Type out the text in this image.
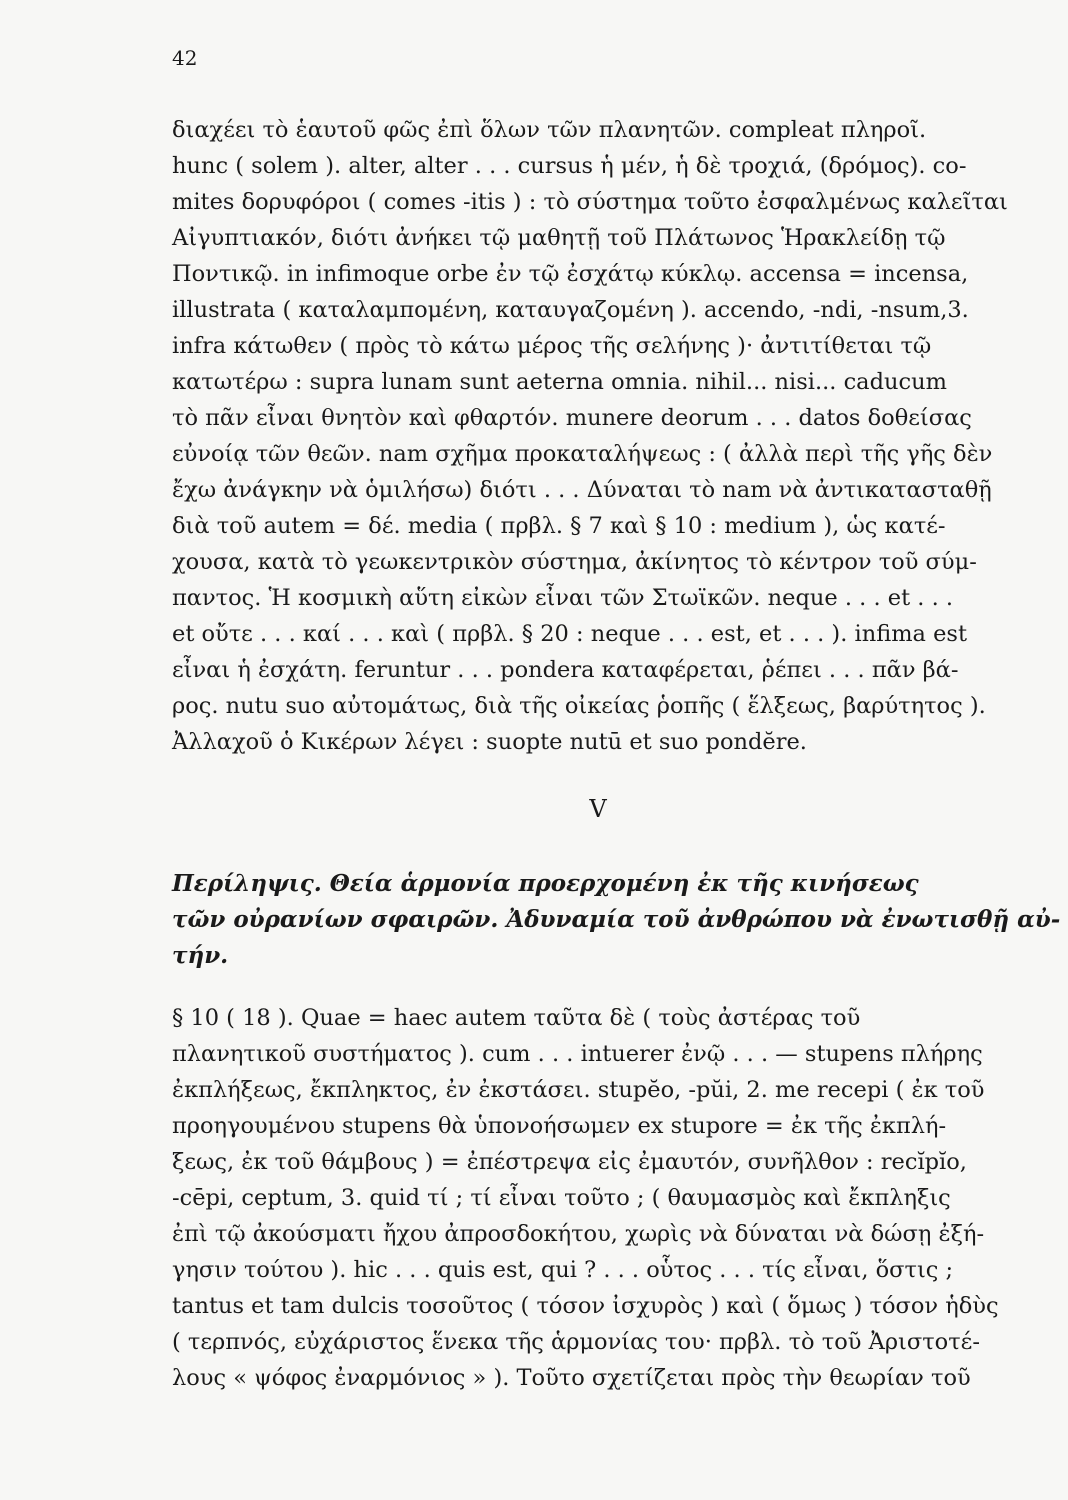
42
διαχέει τὸ ἑαυτοῦ φῶς ἐπὶ ὅλων τῶν πλανητῶν. compleat πληροῖ.
hunc ( solem ). alter, alter . . . cursus ἡ μέν, ἡ δὲ τροχιά, (δρόμος). co-
mites δορυφόροι ( comes -itis ) : τὸ σύστημα τοῦτο ἐσφαλμένως καλεῖται
Αἰγυπτιακόν, διότι ἀνήκει τῷ μαθητῇ τοῦ Πλάτωνος Ἡρακλείδῃ τῷ
Ποντικῷ. in infimoque orbe ἐν τῷ ἐσχάτῳ κύκλῳ. accensa = incensa,
illustrata ( καταλαμπομένη, καταυγαζομένη ). accendo, -ndi, -nsum,3.
infra κάτωθεν ( πρὸς τὸ κάτω μέρος τῆς σελήνης )· ἀντιτίθεται τῷ
κατωτέρω : supra lunam sunt aeterna omnia. nihil... nisi... caducum
τὸ πᾶν εἶναι θνητὸν καὶ φθαρτόν. munere deorum . . . datos δοθείσας
εὐνοίᾳ τῶν θεῶν. nam σχῆμα προκαταλήψεως : ( ἀλλὰ περὶ τῆς γῆς δὲν
ἔχω ἀνάγκην νὰ ὁμιλήσω) διότι . . . Δύναται τὸ nam νὰ ἀντικατασταθῇ
διὰ τοῦ autem = δέ. media ( πρβλ. § 7 καὶ § 10 : medium ), ὡς κατέ-
χουσα, κατὰ τὸ γεωκεντρικὸν σύστημα, ἀκίνητος τὸ κέντρον τοῦ σύμ-
παντος. Ἡ κοσμικὴ αὕτη εἰκὼν εἶναι τῶν Στωϊκῶν. neque . . . et . . .
et οὔτε . . . καί . . . καὶ ( πρβλ. § 20 : neque . . . est, et . . . ). infima est
εἶναι ἡ ἐσχάτη. feruntur . . . pondera καταφέρεται, ῥέπει . . . πᾶν βά-
ρος. nutu suo αὐτομάτως, διὰ τῆς οἰκείας ῥοπῆς ( ἕλξεως, βαρύτητος ).
Ἀλλαχοῦ ὁ Κικέρων λέγει : suopte nutū et suo pondĕre.
V
Περίληψις. Θεία ἁρμονία προερχομένη ἐκ τῆς κινήσεως
τῶν οὐρανίων σφαιρῶν. Ἀδυναμία τοῦ ἀνθρώπου νὰ ἐνωτισθῇ αὐ-
τήν.
§ 10 ( 18 ). Quae = haec autem ταῦτα δὲ ( τοὺς ἀστέρας τοῦ
πλανητικοῦ συστήματος ). cum . . . intuerer ἐνῷ . . . — stupens πλήρης
ἐκπλήξεως, ἔκπληκτος, ἐν ἐκστάσει. stupĕo, -pŭi, 2. me recepi ( ἐκ τοῦ
προηγουμένου stupens θὰ ὑπονοήσωμεν ex stupore = ἐκ τῆς ἐκπλή-
ξεως, ἐκ τοῦ θάμβους ) = ἐπέστρεψα εἰς ἐμαυτόν, συνῆλθον : recĭpĭo,
-cēpi, ceptum, 3. quid τί ; τί εἶναι τοῦτο ; ( θαυμασμὸς καὶ ἔκπληξις
ἐπὶ τῷ ἀκούσματι ἤχου ἀπροσδοκήτου, χωρὶς νὰ δύναται νὰ δώσῃ ἐξή-
γησιν τούτου ). hic . . . quis est, qui ? . . . οὗτος . . . τίς εἶναι, ὅστις ;
tantus et tam dulcis τοσοῦτος ( τόσον ἰσχυρὸς ) καὶ ( ὅμως ) τόσον ἡδὺς
( τερπνός, εὐχάριστος ἕνεκα τῆς ἁρμονίας του· πρβλ. τὸ τοῦ Ἀριστοτέ-
λους « ψόφος ἐναρμόνιος » ). Τοῦτο σχετίζεται πρὸς τὴν θεωρίαν τοῦ
